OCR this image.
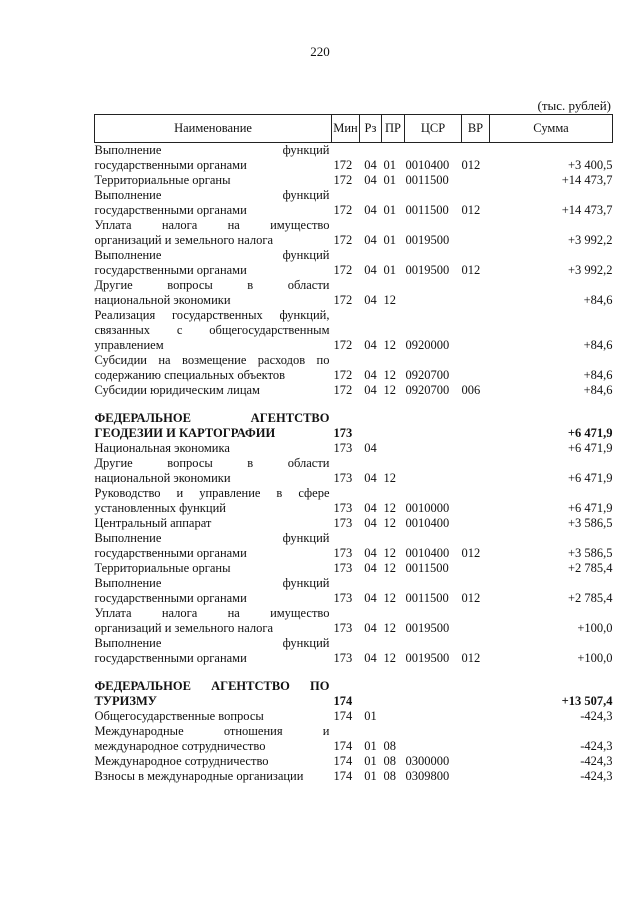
220
(тыс. рублей)
Наименование	Мин	Рз	ПР	ЦСР	ВР	Сумма

Выполнение функций
государственными органами	172	04	01	0010400	012	+3 400,5

Территориальные органы	172	04	01	0011500		+14 473,7

Выполнение функций
государственными органами	172	04	01	0011500	012	+14 473,7

Уплата налога на имущество
организаций и земельного налога	172	04	01	0019500		+3 992,2

Выполнение функций
государственными органами	172	04	01	0019500	012	+3 992,2

Другие вопросы в области
национальной экономики	172	04	12			+84,6

Реализация государственных функций,
связанных с общегосударственным
управлением	172	04	12	0920000		+84,6

Субсидии на возмещение расходов по
содержанию специальных объектов	172	04	12	0920700		+84,6

Субсидии юридическим лицам	172	04	12	0920700	006	+84,6

ФЕДЕРАЛЬНОЕ АГЕНТСТВО
ГЕОДЕЗИИ И КАРТОГРАФИИ	173					+6 471,9

Национальная экономика	173	04				+6 471,9

Другие вопросы в области
национальной экономики	173	04	12			+6 471,9

Руководство и управление в сфере
установленных функций	173	04	12	0010000		+6 471,9

Центральный аппарат	173	04	12	0010400		+3 586,5

Выполнение функций
государственными органами	173	04	12	0010400	012	+3 586,5

Территориальные органы	173	04	12	0011500		+2 785,4

Выполнение функций
государственными органами	173	04	12	0011500	012	+2 785,4

Уплата налога на имущество
организаций и земельного налога	173	04	12	0019500		+100,0

Выполнение функций
государственными органами	173	04	12	0019500	012	+100,0

ФЕДЕРАЛЬНОЕ АГЕНТСТВО ПО
ТУРИЗМУ	174					+13 507,4

Общегосударственные вопросы	174	01				-424,3

Международные отношения и
международное сотрудничество	174	01	08			-424,3

Международное сотрудничество	174	01	08	0300000		-424,3

Взносы в международные организации	174	01	08	0309800		-424,3
